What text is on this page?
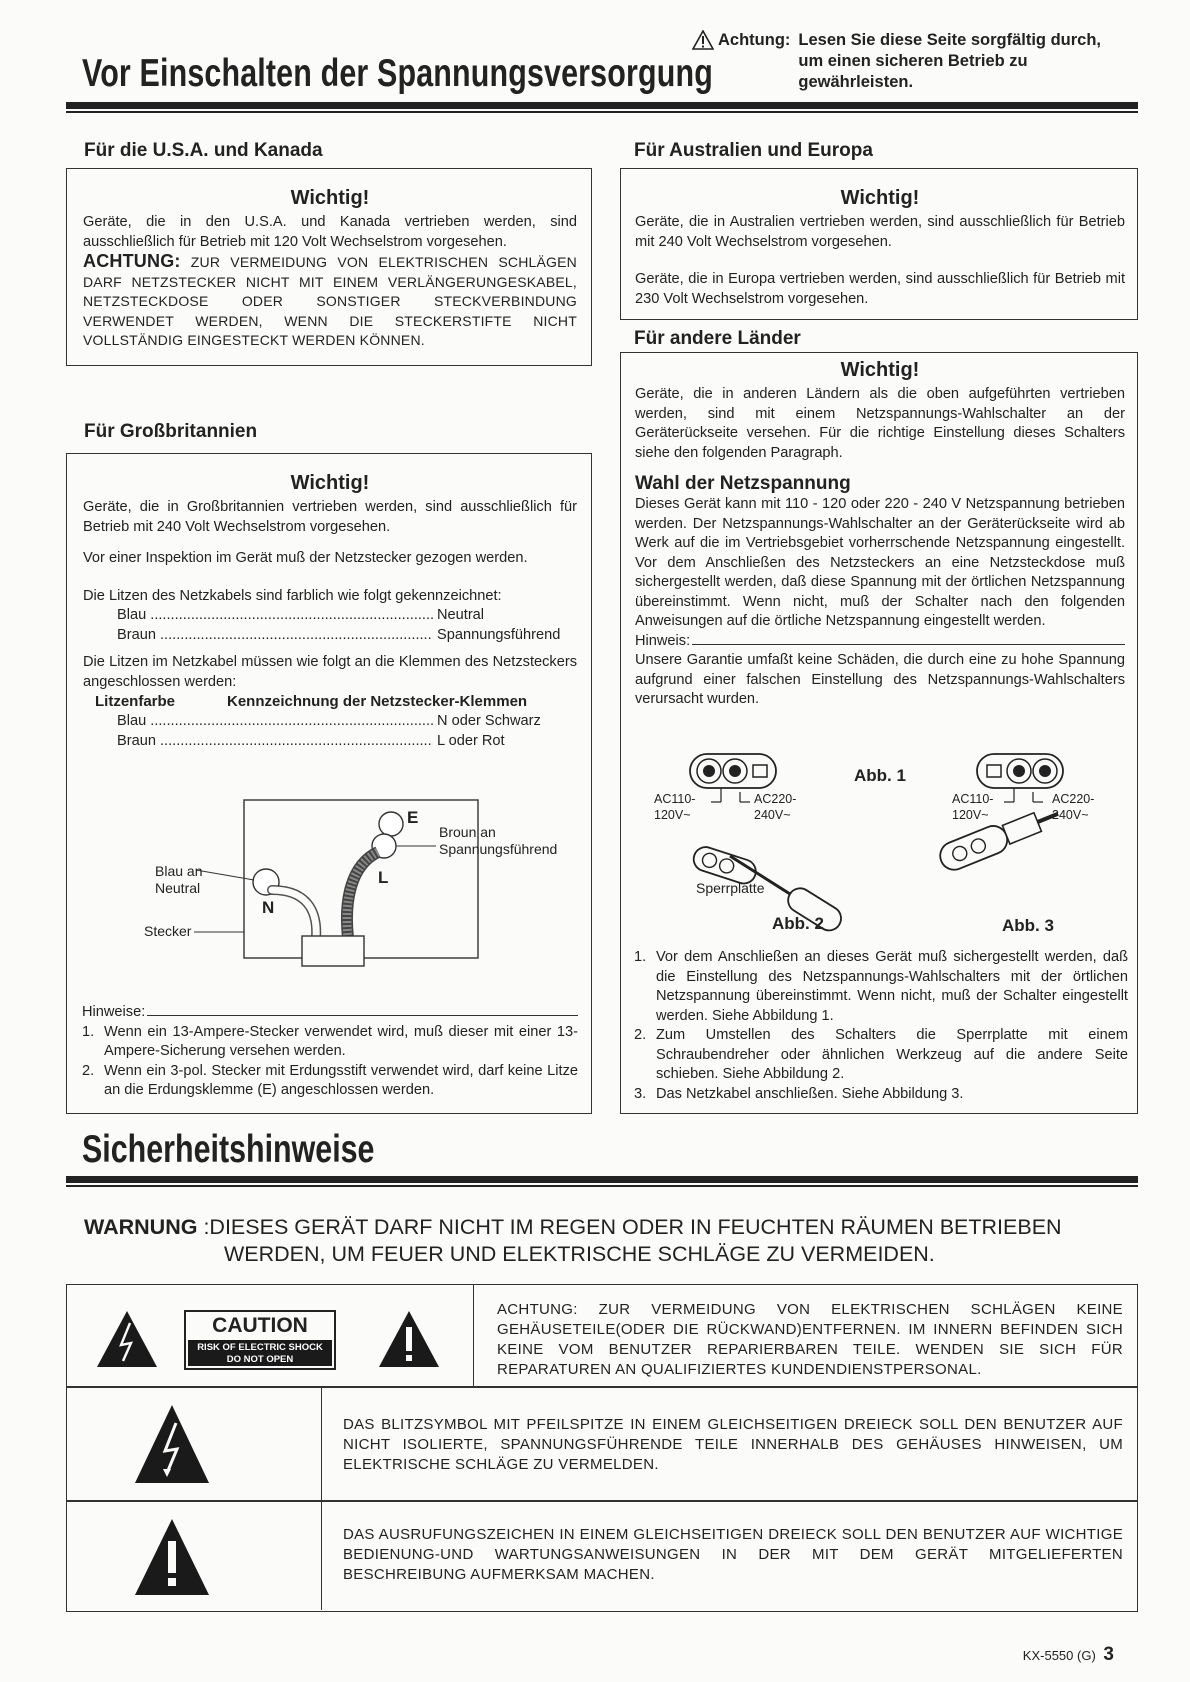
Vor Einschalten der Spannungsversorgung
Achtung: Lesen Sie diese Seite sorgfältig durch, um einen sicheren Betrieb zu gewährleisten.
Für die U.S.A. und Kanada
Wichtig!
Geräte, die in den U.S.A. und Kanada vertrieben werden, sind ausschließlich für Betrieb mit 120 Volt Wechselstrom vorgesehen.
ACHTUNG: ZUR VERMEIDUNG VON ELEKTRISCHEN SCHLÄGEN DARF NETZSTECKER NICHT MIT EINEM VERLÄNGERUNGESKABEL, NETZSTECKDOSE ODER SONSTIGER STECKVERBINDUNG VERWENDET WERDEN, WENN DIE STECKERSTIFTE NICHT VOLLSTÄNDIG EINGESTECKT WERDEN KÖNNEN.
Für Großbritannien
Wichtig!
Geräte, die in Großbritannien vertrieben werden, sind ausschließlich für Betrieb mit 240 Volt Wechselstrom vorgesehen.
Vor einer Inspektion im Gerät muß der Netzstecker gezogen werden.
Die Litzen des Netzkabels sind farblich wie folgt gekennzeichnet:
Blau .....	Neutral
Braun .....	Spannungsführend
Die Litzen im Netzkabel müssen wie folgt an die Klemmen des Netzsteckers angeschlossen werden:
Litzenfarbe	Kennzeichnung der Netzstecker-Klemmen
Blau .....	N oder Schwarz
Braun .....	L oder Rot
E
N
L
Broun an
Spannungsführend
Blau an
Neutral
Stecker
Hinweise:
1. Wenn ein 13-Ampere-Stecker verwendet wird, muß dieser mit einer 13-Ampere-Sicherung versehen werden.
2. Wenn ein 3-pol. Stecker mit Erdungsstift verwendet wird, darf keine Litze an die Erdungsklemme (E) angeschlossen werden.
Für Australien und Europa
Wichtig!
Geräte, die in Australien vertrieben werden, sind ausschließlich für Betrieb mit 240 Volt Wechselstrom vorgesehen.
Geräte, die in Europa vertrieben werden, sind ausschließlich für Betrieb mit 230 Volt Wechselstrom vorgesehen.
Für andere Länder
Wichtig!
Geräte, die in anderen Ländern als die oben aufgeführten vertrieben werden, sind mit einem Netzspannungs-Wahlschalter an der Geräterückseite versehen. Für die richtige Einstellung dieses Schalters siehe den folgenden Paragraph.
Wahl der Netzspannung
Dieses Gerät kann mit 110 - 120 oder 220 - 240 V Netzspannung betrieben werden. Der Netzspannungs-Wahlschalter an der Geräterückseite wird ab Werk auf die im Vertriebsgebiet vorherrschende Netzspannung eingestellt. Vor dem Anschließen des Netzsteckers an eine Netzsteckdose muß sichergestellt werden, daß diese Spannung mit der örtlichen Netzspannung übereinstimmt. Wenn nicht, muß der Schalter nach den folgenden Anweisungen auf die örtliche Netzspannung eingestellt werden.
Hinweis:
Unsere Garantie umfaßt keine Schäden, die durch eine zu hohe Spannung aufgrund einer falschen Einstellung des Netzspannungs-Wahlschalters verursacht wurden.
Abb. 1
AC110-
120V~
AC220-
240V~
AC110-
120V~
AC220-
240V~
Sperrplatte
Abb. 2	Abb. 3
1. Vor dem Anschließen an dieses Gerät muß sichergestellt werden, daß die Einstellung des Netzspannungs-Wahlschalters mit der örtlichen Netzspannung übereinstimmt. Wenn nicht, muß der Schalter eingestellt werden. Siehe Abbildung 1.
2. Zum Umstellen des Schalters die Sperrplatte mit einem Schraubendreher oder ähnlichen Werkzeug auf die andere Seite schieben. Siehe Abbildung 2.
3. Das Netzkabel anschließen. Siehe Abbildung 3.
Sicherheitshinweise
WARNUNG :DIESES GERÄT DARF NICHT IM REGEN ODER IN FEUCHTEN RÄUMEN BETRIEBEN
WERDEN, UM FEUER UND ELEKTRISCHE SCHLÄGE ZU VERMEIDEN.
CAUTION
RISK OF ELECTRIC SHOCK
DO NOT OPEN
ACHTUNG: ZUR VERMEIDUNG VON ELEKTRISCHEN SCHLÄGEN KEINE GEHÄUSETEILE(ODER DIE RÜCKWAND)ENTFERNEN. IM INNERN BEFINDEN SICH KEINE VOM BENUTZER REPARIERBAREN TEILE. WENDEN SIE SICH FÜR REPARATUREN AN QUALIFIZIERTES KUNDENDIENSTPERSONAL.
DAS BLITZSYMBOL MIT PFEILSPITZE IN EINEM GLEICHSEITIGEN DREIECK SOLL DEN BENUTZER AUF NICHT ISOLIERTE, SPANNUNGSFÜHRENDE TEILE INNERHALB DES GEHÄUSES HINWEISEN, UM ELEKTRISCHE SCHLÄGE ZU VERMELDEN.
DAS AUSRUFUNGSZEICHEN IN EINEM GLEICHSEITIGEN DREIECK SOLL DEN BENUTZER AUF WICHTIGE BEDIENUNG-UND WARTUNGSANWEISUNGEN IN DER MIT DEM GERÄT MITGELIEFERTEN BESCHREIBUNG AUFMERKSAM MACHEN.
KX-5550 (G) 3
